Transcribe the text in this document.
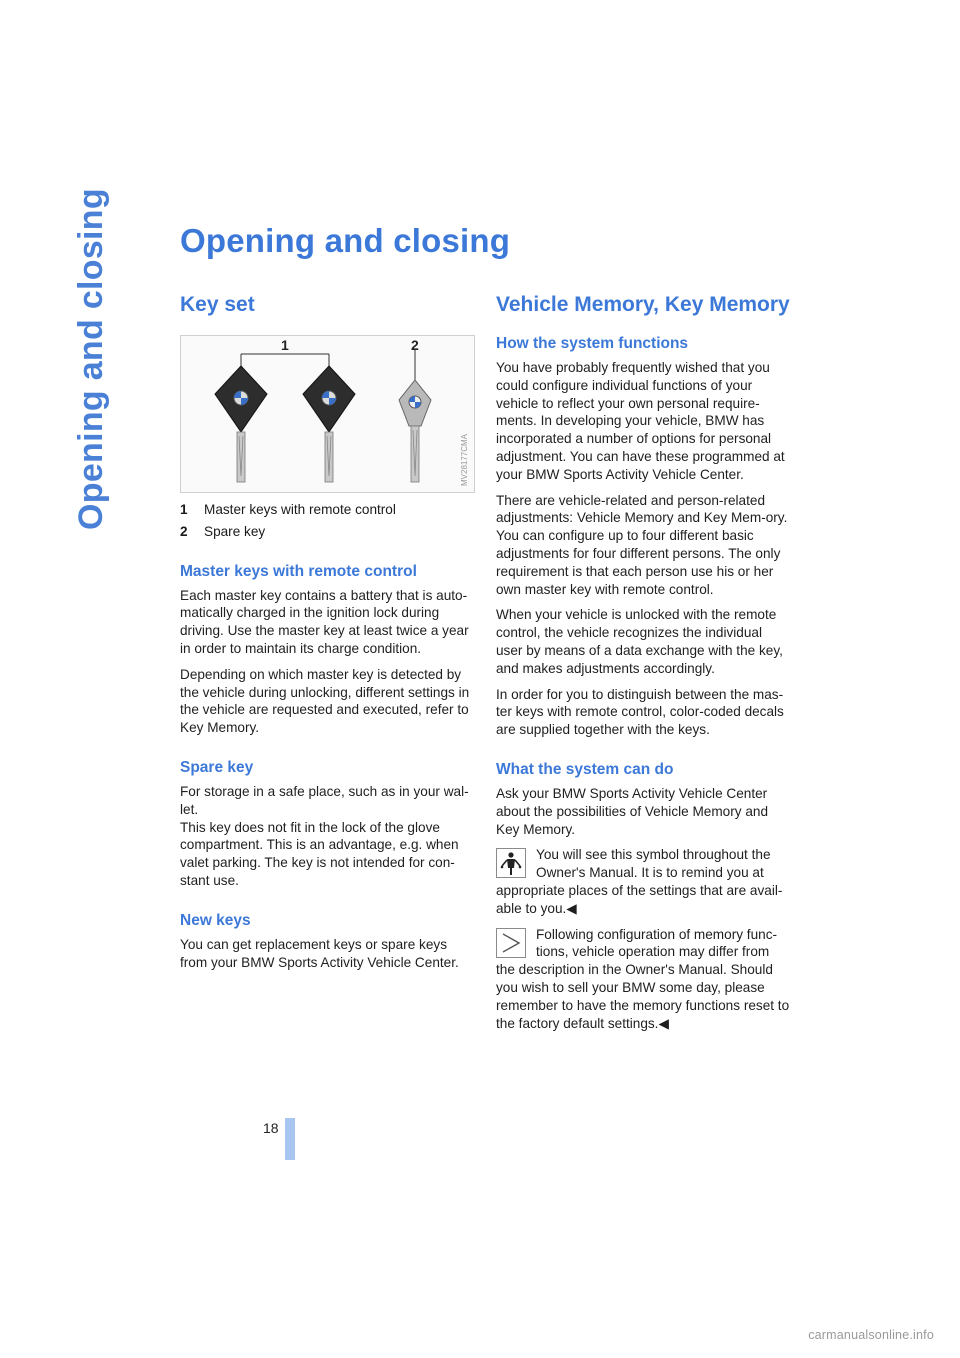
Opening and closing Opening and closing
Key set
1	2
MV28177CMA
1	Master keys with remote control
2	Spare key
Master keys with remote control

Each master key contains a battery that is auto-matically charged in the ignition lock during driving. Use the master key at least twice a year in order to maintain its charge condition.

Depending on which master key is detected by the vehicle during unlocking, different settings in the vehicle are requested and executed, refer to Key Memory.

Spare key

For storage in a safe place, such as in your wal-let.
This key does not fit in the lock of the glove compartment. This is an advantage, e.g. when valet parking. The key is not intended for con-stant use.

New keys

You can get replacement keys or spare keys from your BMW Sports Activity Vehicle Center.

Vehicle Memory, Key Memory
How the system functions

You have probably frequently wished that you could configure individual functions of your vehicle to reflect your own personal require-ments. In developing your vehicle, BMW has incorporated a number of options for personal adjustment. You can have these programmed at your BMW Sports Activity Vehicle Center.

There are vehicle-related and person-related adjustments: Vehicle Memory and Key Mem-ory. You can configure up to four different basic adjustments for four different persons. The only requirement is that each person use his or her own master key with remote control.

When your vehicle is unlocked with the remote control, the vehicle recognizes the individual user by means of a data exchange with the key, and makes adjustments accordingly.

In order for you to distinguish between the mas-ter keys with remote control, color-coded decals are supplied together with the keys.

What the system can do

Ask your BMW Sports Activity Vehicle Center about the possibilities of Vehicle Memory and Key Memory.

You will see this symbol throughout the Owner's Manual. It is to remind you at appropriate places of the settings that are avail-able to you.◀

Following configuration of memory func-tions, vehicle operation may differ from the description in the Owner's Manual. Should you wish to sell your BMW some day, please remember to have the memory functions reset to the factory default settings.◀

18
carmanualsonline.info
